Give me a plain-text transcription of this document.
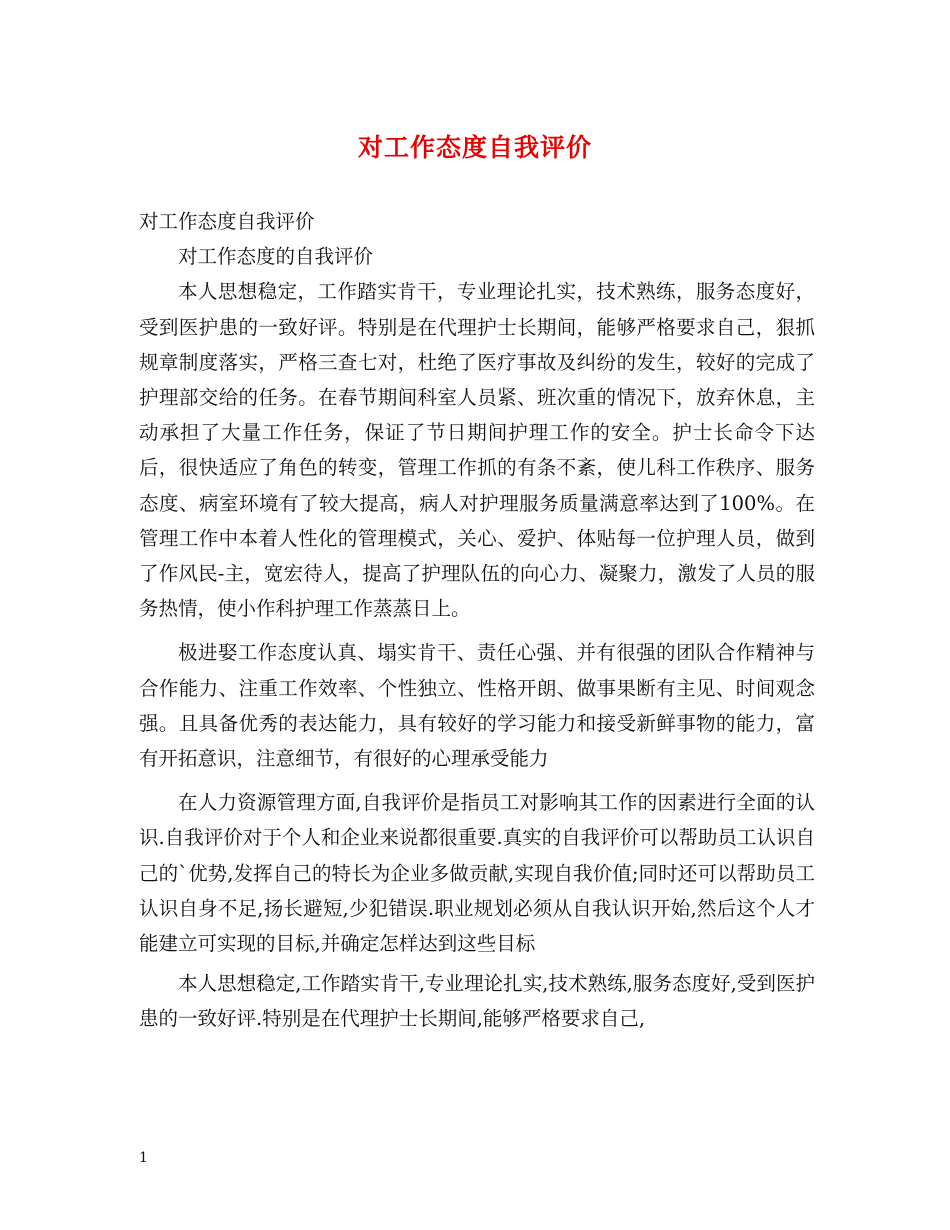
对工作态度自我评价

对工作态度自我评价

对工作态度的自我评价

本人思想稳定，工作踏实肯干，专业理论扎实，技术熟练，服务态度好，受到医护患的一致好评。特别是在代理护士长期间，能够严格要求自己，狠抓规章制度落实，严格三查七对，杜绝了医疗事故及纠纷的发生，较好的完成了护理部交给的任务。在春节期间科室人员紧、班次重的情况下，放弃休息，主动承担了大量工作任务，保证了节日期间护理工作的安全。护士长命令下达后，很快适应了角色的转变，管理工作抓的有条不紊，使儿科工作秩序、服务态度、病室环境有了较大提高，病人对护理服务质量满意率达到了100%。在管理工作中本着人性化的管理模式，关心、爱护、体贴每一位护理人员，做到了作风民-主，宽宏待人，提高了护理队伍的向心力、凝聚力，激发了人员的服务热情，使小作科护理工作蒸蒸日上。

极进娶工作态度认真、塌实肯干、责任心强、并有很强的团队合作精神与合作能力、注重工作效率、个性独立、性格开朗、做事果断有主见、时间观念强。且具备优秀的表达能力，具有较好的学习能力和接受新鲜事物的能力，富有开拓意识，注意细节，有很好的心理承受能力

在人力资源管理方面,自我评价是指员工对影响其工作的因素进行全面的认识.自我评价对于个人和企业来说都很重要.真实的自我评价可以帮助员工认识自己的`优势,发挥自己的特长为企业多做贡献,实现自我价值;同时还可以帮助员工认识自身不足,扬长避短,少犯错误.职业规划必须从自我认识开始,然后这个人才能建立可实现的目标,并确定怎样达到这些目标

本人思想稳定,工作踏实肯干,专业理论扎实,技术熟练,服务态度好,受到医护患的一致好评.特别是在代理护士长期间,能够严格要求自己,

1
